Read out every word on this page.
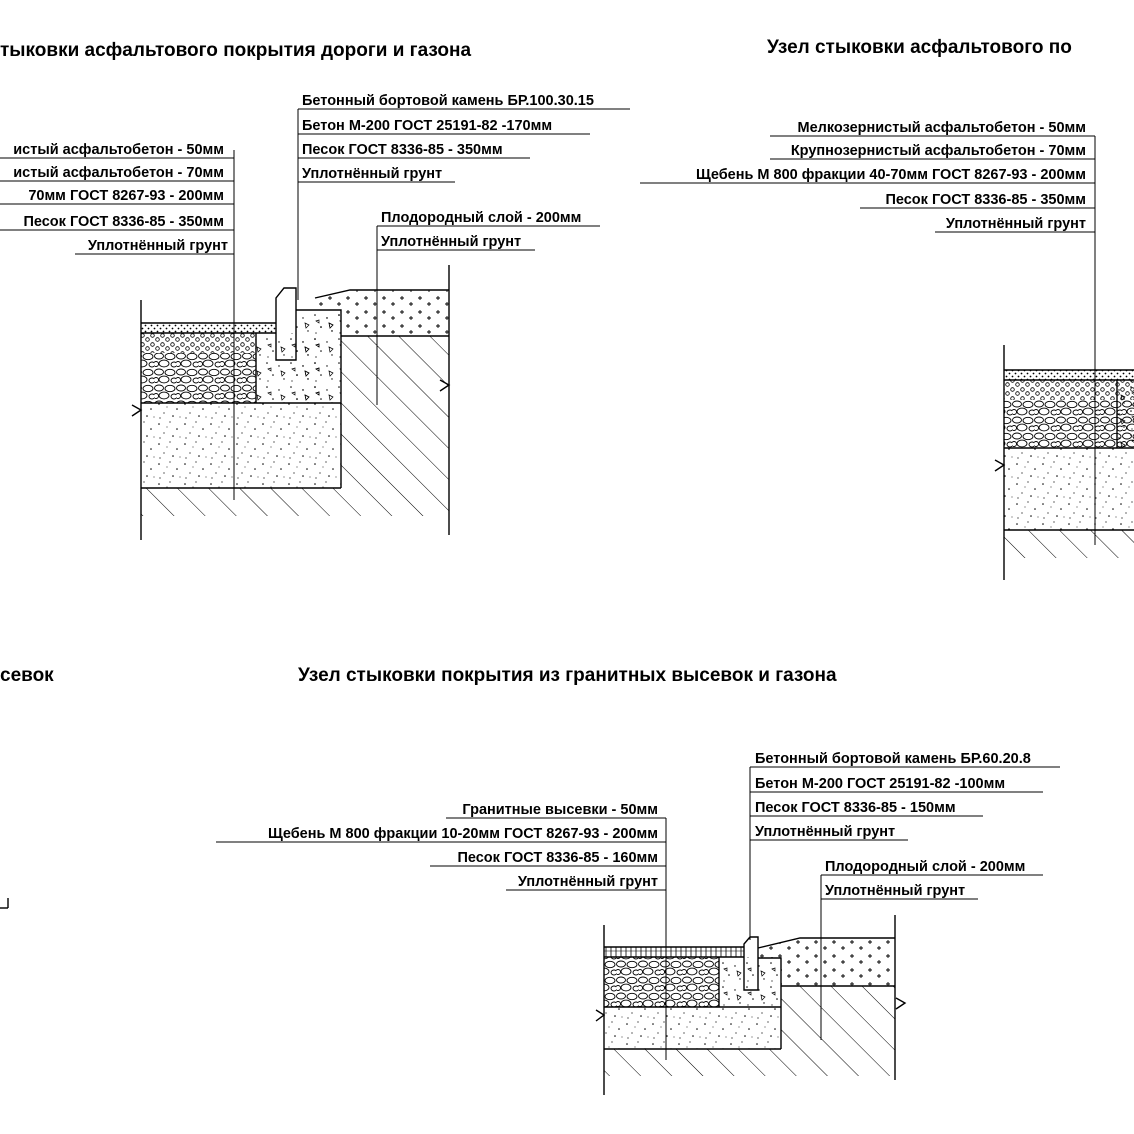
тыковки асфальтового покрытия дороги и газона	Узел стыковки асфальтового по
севок	Узел стыковки покрытия из гранитных высевок и газона
истый асфальтобетон - 50мм
истый асфальтобетон - 70мм
70мм ГОСТ 8267-93 - 200мм
Песок ГОСТ 8336-85 - 350мм
Уплотнённый грунт
Бетонный бортовой камень БР.100.30.15
Бетон М-200 ГОСТ 25191-82 -170мм
Песок ГОСТ 8336-85 - 350мм
Уплотнённый грунт
Плодородный слой - 200мм
Уплотнённый грунт
Мелкозернистый асфальтобетон - 50мм
Крупнозернистый асфальтобетон - 70мм
Щебень М 800 фракции 40-70мм ГОСТ 8267-93 - 200мм
Песок ГОСТ 8336-85 - 350мм
Уплотнённый грунт
Гранитные высевки - 50мм
Щебень М 800 фракции 10-20мм ГОСТ 8267-93 - 200мм
Песок ГОСТ 8336-85 - 160мм
Уплотнённый грунт
Бетонный бортовой камень БР.60.20.8
Бетон М-200 ГОСТ 25191-82 -100мм
Песок ГОСТ 8336-85 - 150мм
Уплотнённый грунт
Плодородный слой - 200мм
Уплотнённый грунт
